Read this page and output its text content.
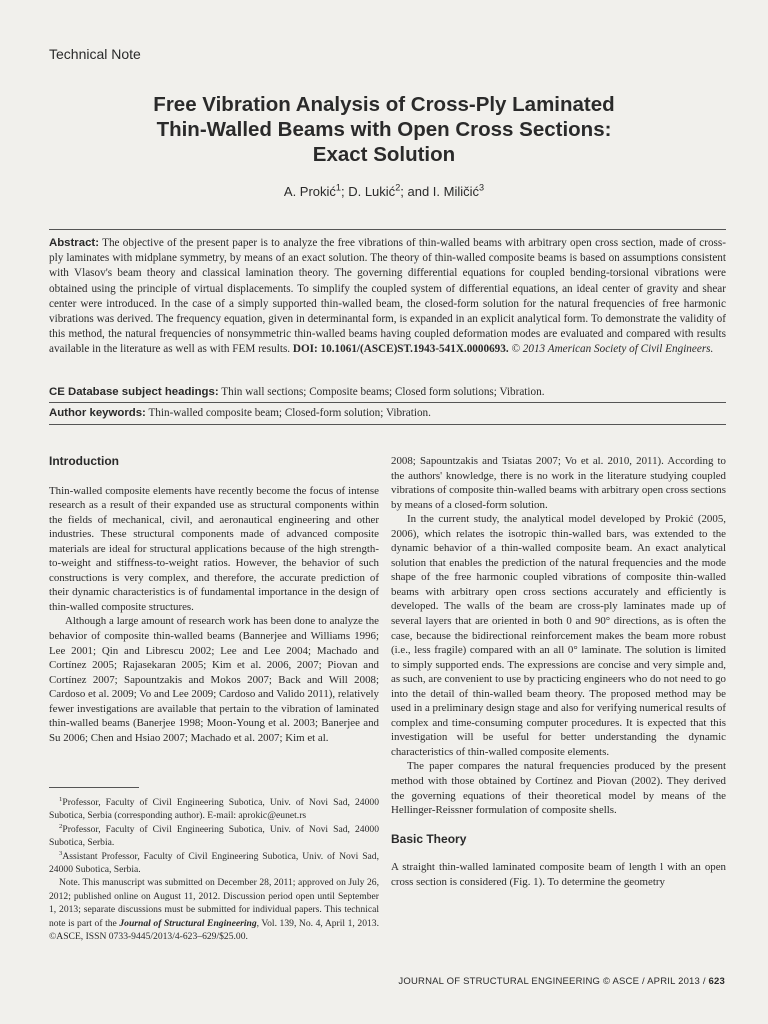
Technical Note
Free Vibration Analysis of Cross-Ply Laminated
Thin-Walled Beams with Open Cross Sections:
Exact Solution
A. Prokić$^1$; D. Lukić$^2$; and I. Miličić$^3$
Abstract: The objective of the present paper is to analyze the free vibrations of thin-walled beams with arbitrary open cross section, made of cross-ply laminates with midplane symmetry, by means of an exact solution. The theory of thin-walled composite beams is based on assumptions consistent with Vlasov's beam theory and classical lamination theory. The governing differential equations for coupled bending-torsional vibrations were obtained using the principle of virtual displacements. To simplify the coupled system of differential equations, an ideal center of gravity and shear center were introduced. In the case of a simply supported thin-walled beam, the closed-form solution for the natural frequencies of free harmonic vibrations was derived. The frequency equation, given in determinantal form, is expanded in an explicit analytical form. To demonstrate the validity of this method, the natural frequencies of nonsymmetric thin-walled beams having coupled deformation modes are evaluated and compared with results available in the literature as well as with FEM results. DOI: 10.1061/(ASCE)ST.1943-541X.0000693. © 2013 American Society of Civil Engineers.
CE Database subject headings: Thin wall sections; Composite beams; Closed form solutions; Vibration.
Author keywords: Thin-walled composite beam; Closed-form solution; Vibration.
Introduction

Thin-walled composite elements have recently become the focus of intense research as a result of their expanded use as structural components within the fields of mechanical, civil, and aeronautical engineering and other industries. These structural components made of advanced composite materials are ideal for structural applications because of the high strength-to-weight and stiffness-to-weight ratios. However, the behavior of such constructions is very complex, and therefore, the accurate prediction of their dynamic characteristics is of fundamental importance in the design of thin-walled composite structures.

Although a large amount of research work has been done to analyze the behavior of composite thin-walled beams (Bannerjee and Williams 1996; Lee 2001; Qin and Librescu 2002; Lee and Lee 2004; Machado and Cortínez 2005; Rajasekaran 2005; Kim et al. 2006, 2007; Piovan and Cortínez 2007; Sapountzakis and Mokos 2007; Back and Will 2008; Cardoso et al. 2009; Vo and Lee 2009; Cardoso and Valido 2011), relatively fewer investigations are available that pertain to the vibration of laminated thin-walled beams (Banerjee 1998; Moon-Young et al. 2003; Banerjee and Su 2006; Chen and Hsiao 2007; Machado et al. 2007; Kim et al.

$^1$Professor, Faculty of Civil Engineering Subotica, Univ. of Novi Sad, 24000 Subotica, Serbia (corresponding author). E-mail: aprokic@eunet.rs

$^2$Professor, Faculty of Civil Engineering Subotica, Univ. of Novi Sad, 24000 Subotica, Serbia.

$^3$Assistant Professor, Faculty of Civil Engineering Subotica, Univ. of Novi Sad, 24000 Subotica, Serbia.

Note. This manuscript was submitted on December 28, 2011; approved on July 26, 2012; published online on August 11, 2012. Discussion period open until September 1, 2013; separate discussions must be submitted for individual papers. This technical note is part of the Journal of Structural Engineering, Vol. 139, No. 4, April 1, 2013. ©ASCE, ISSN 0733-9445/2013/4-623–629/$25.00.

2008; Sapountzakis and Tsiatas 2007; Vo et al. 2010, 2011). According to the authors' knowledge, there is no work in the literature studying coupled vibrations of composite thin-walled beams with arbitrary open cross sections by means of a closed-form solution.

In the current study, the analytical model developed by Prokić (2005, 2006), which relates the isotropic thin-walled bars, was extended to the dynamic behavior of a thin-walled composite beam. An exact analytical solution that enables the prediction of the natural frequencies and the mode shape of the free harmonic coupled vibrations of composite thin-walled beams with arbitrary open cross sections accurately and efficiently is developed. The walls of the beam are cross-ply laminates made up of several layers that are oriented in both 0 and 90° directions, as is often the case, because the bidirectional reinforcement makes the beam more robust (i.e., less fragile) compared with an all 0° laminate. The solution is limited to simply supported ends. The expressions are concise and very simple and, as such, are convenient to use by practicing engineers who do not need to go into the detail of thin-walled beam theory. The proposed method may be used in a preliminary design stage and also for verifying numerical results of complex and time-consuming computer procedures. It is expected that this investigation will be useful for better understanding the dynamic characteristics of thin-walled composite elements.

The paper compares the natural frequencies produced by the present method with those obtained by Cortínez and Piovan (2002). They derived the governing equations of their theoretical model by means of the Hellinger-Reissner formulation of composite shells.

Basic Theory

A straight thin-walled laminated composite beam of length l with an open cross section is considered (Fig. 1). To determine the geometry

JOURNAL OF STRUCTURAL ENGINEERING © ASCE / APRIL 2013 / 623
